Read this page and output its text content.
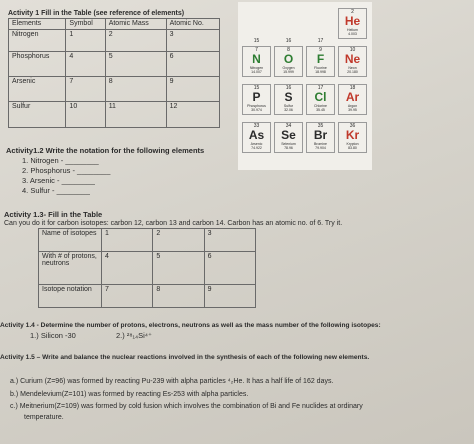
Activity 1 Fill in the Table (see reference of elements)
Elements	Symbol	Atomic Mass	Atomic No.
Nitrogen	1	2	3
Phosphorus	4	5	6
Arsenic	7	8	9
Sulfur	10	11	12
15	16	17
2
He
Helium
4.003
7
N
Nitrogen
14.007
8
O
Oxygen
15.999
9
F
Fluorine
18.998
10
Ne
Neon
20.180
15
P
Phosphorus
30.974
16
S
Sulfur
32.06
17
Cl
Chlorine
35.45
18
Ar
Argon
39.95
33
As
Arsenic
74.922
34
Se
Selenium
78.96
35
Br
Bromine
79.904
36
Kr
Krypton
83.80
Activity1.2 Write the notation for the following elements
1. Nitrogen - ________
2. Phosphorus - ________
3. Arsenic - ________
4. Sulfur - ________
Activity 1.3- Fill in the Table
Can you do it for carbon isotopes: carbon 12, carbon 13 and carbon 14. Carbon has an atomic no. of 6. Try it.
Name of isotopes	1	2	3
With # of protons, neutrons	4	5	6
Isotope notation	7	8	9
Activity 1.4 - Determine the number of protons, electrons, neutrons as well as the mass number of the following isotopes:
1.) Silicon -30	2.) ²⁸₁₄Si⁴⁺
Activity 1.5 – Write and balance the nuclear reactions involved in the synthesis of each of the following new elements.
a.) Curium (Z=96) was formed by reacting Pu-239 with alpha particles ⁴₂He. It has a half life of 162 days.
b.) Mendelevium(Z=101) was formed by reacting Es-253 with alpha particles.
c.) Meitnerium(Z=109) was formed by cold fusion which involves the combination of Bi and Fe nuclides at ordinary
temperature.
